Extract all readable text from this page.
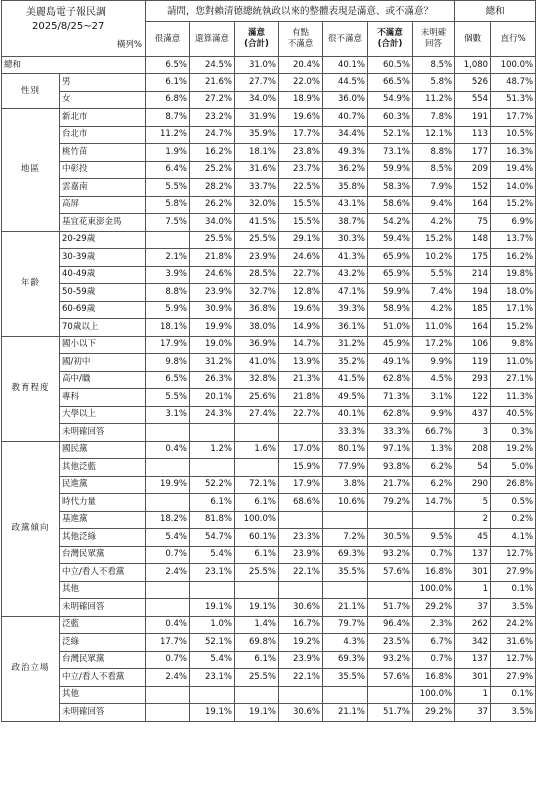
美麗島電子報民調
2025/8/25~27
橫列%		請問，您對賴清德總統執政以來的整體表現是滿意、或不滿意？							總和	
		很滿意	還算滿意	滿意
(合計)	有點
不滿意	很不滿意	不滿意
(合計)	未明確
回答	個數	直行%
總和		6.5%	24.5%	31.0%	20.4%	40.1%	60.5%	8.5%	1,080	100.0%
性別	男	6.1%	21.6%	27.7%	22.0%	44.5%	66.5%	5.8%	526	48.7%
	女	6.8%	27.2%	34.0%	18.9%	36.0%	54.9%	11.2%	554	51.3%
地區	新北市	8.7%	23.2%	31.9%	19.6%	40.7%	60.3%	7.8%	191	17.7%
	台北市	11.2%	24.7%	35.9%	17.7%	34.4%	52.1%	12.1%	113	10.5%
	桃竹苗	1.9%	16.2%	18.1%	23.8%	49.3%	73.1%	8.8%	177	16.3%
	中彰投	6.4%	25.2%	31.6%	23.7%	36.2%	59.9%	8.5%	209	19.4%
	雲嘉南	5.5%	28.2%	33.7%	22.5%	35.8%	58.3%	7.9%	152	14.0%
	高屏	5.8%	26.2%	32.0%	15.5%	43.1%	58.6%	9.4%	164	15.2%
	基宜花東澎金馬	7.5%	34.0%	41.5%	15.5%	38.7%	54.2%	4.2%	75	6.9%
年齡	20-29歲		25.5%	25.5%	29.1%	30.3%	59.4%	15.2%	148	13.7%
	30-39歲	2.1%	21.8%	23.9%	24.6%	41.3%	65.9%	10.2%	175	16.2%
	40-49歲	3.9%	24.6%	28.5%	22.7%	43.2%	65.9%	5.5%	214	19.8%
	50-59歲	8.8%	23.9%	32.7%	12.8%	47.1%	59.9%	7.4%	194	18.0%
	60-69歲	5.9%	30.9%	36.8%	19.6%	39.3%	58.9%	4.2%	185	17.1%
	70歲以上	18.1%	19.9%	38.0%	14.9%	36.1%	51.0%	11.0%	164	15.2%
教育程度	國小以下	17.9%	19.0%	36.9%	14.7%	31.2%	45.9%	17.2%	106	9.8%
	國/初中	9.8%	31.2%	41.0%	13.9%	35.2%	49.1%	9.9%	119	11.0%
	高中/職	6.5%	26.3%	32.8%	21.3%	41.5%	62.8%	4.5%	293	27.1%
	專科	5.5%	20.1%	25.6%	21.8%	49.5%	71.3%	3.1%	122	11.3%
	大學以上	3.1%	24.3%	27.4%	22.7%	40.1%	62.8%	9.9%	437	40.5%
	未明確回答					33.3%	33.3%	66.7%	3	0.3%
政黨傾向	國民黨	0.4%	1.2%	1.6%	17.0%	80.1%	97.1%	1.3%	208	19.2%
	其他泛藍				15.9%	77.9%	93.8%	6.2%	54	5.0%
	民進黨	19.9%	52.2%	72.1%	17.9%	3.8%	21.7%	6.2%	290	26.8%
	時代力量		6.1%	6.1%	68.6%	10.6%	79.2%	14.7%	5	0.5%
	基進黨	18.2%	81.8%	100.0%					2	0.2%
	其他泛綠	5.4%	54.7%	60.1%	23.3%	7.2%	30.5%	9.5%	45	4.1%
	台灣民眾黨	0.7%	5.4%	6.1%	23.9%	69.3%	93.2%	0.7%	137	12.7%
	中立/看人不看黨	2.4%	23.1%	25.5%	22.1%	35.5%	57.6%	16.8%	301	27.9%
	其他							100.0%	1	0.1%
	未明確回答		19.1%	19.1%	30.6%	21.1%	51.7%	29.2%	37	3.5%
政治立場	泛藍	0.4%	1.0%	1.4%	16.7%	79.7%	96.4%	2.3%	262	24.2%
	泛綠	17.7%	52.1%	69.8%	19.2%	4.3%	23.5%	6.7%	342	31.6%
	台灣民眾黨	0.7%	5.4%	6.1%	23.9%	69.3%	93.2%	0.7%	137	12.7%
	中立/看人不看黨	2.4%	23.1%	25.5%	22.1%	35.5%	57.6%	16.8%	301	27.9%
	其他							100.0%	1	0.1%
	未明確回答		19.1%	19.1%	30.6%	21.1%	51.7%	29.2%	37	3.5%
